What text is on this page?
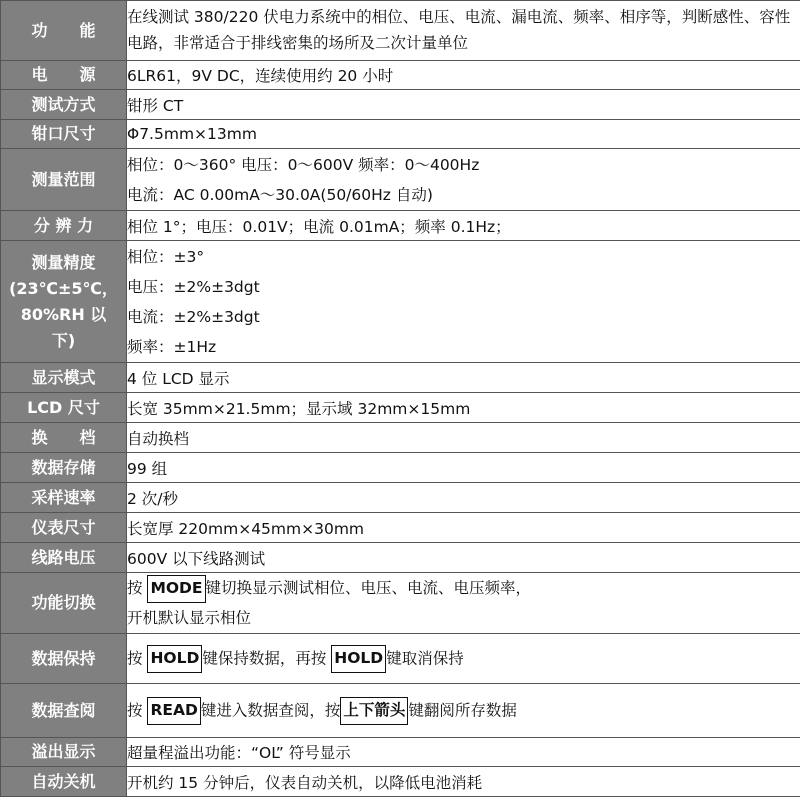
功　　能	在线测试 380/220 伏电力系统中的相位、电压、电流、漏电流、频率、相序等，判断感性、容性电路，非常适合于排线密集的场所及二次计量单位
电　　源	6LR61，9V DC，连续使用约 20 小时
测试方式	钳形 CT
钳口尺寸	Φ7.5mm×13mm
测量范围	相位：0～360° 电压：0～600V 频率：0～400Hz
电流：AC 0.00mA～30.0A(50/60Hz 自动)

分 辨 力	相位 1°；电压：0.01V；电流 0.01mA；频率 0.1Hz；

测量精度
(23℃±5℃，
80%RH 以
下)	相位：±3°
电压：±2%±3dgt
电流：±2%±3dgt
频率：±1Hz

显示模式	4 位 LCD 显示
LCD 尺寸	长宽 35mm×21.5mm；显示域 32mm×15mm
换　　档	自动换档
数据存储	99 组
采样速率	2 次/秒
仪表尺寸	长宽厚 220mm×45mm×30mm
线路电压	600V 以下线路测试
功能切换	按 MODE 键切换显示测试相位、电压、电流、电压频率，
开机默认显示相位

数据保持	按 HOLD 键保持数据，再按 HOLD 键取消保持
数据查阅	按 READ 键进入数据查阅，按 上下箭头 键翻阅所存数据
溢出显示	超量程溢出功能：“OL” 符号显示
自动关机	开机约 15 分钟后，仪表自动关机，以降低电池消耗
